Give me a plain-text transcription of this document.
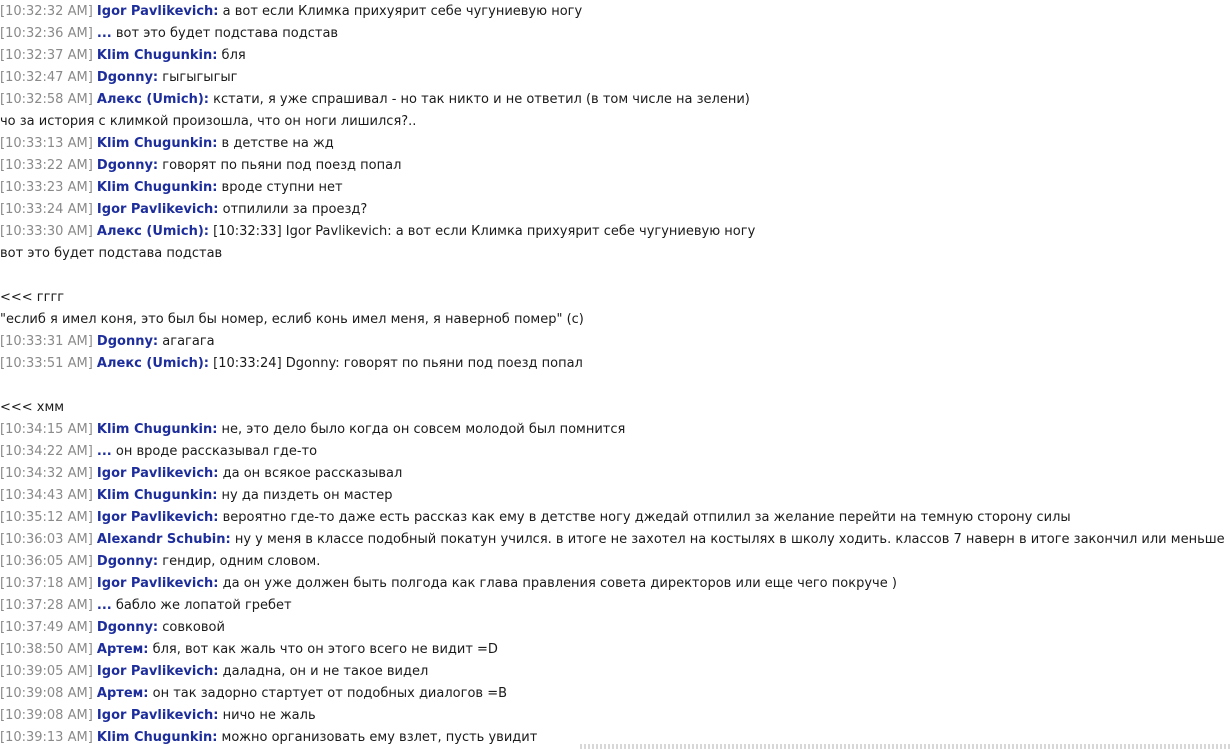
[10:32:32 AM] Igor Pavlikevich: а вот если Климка прихуярит себе чугуниевую ногу
[10:32:36 AM] ... вот это будет подстава подстав
[10:32:37 AM] Klim Chugunkin: бля
[10:32:47 AM] Dgonny: гыгыгыгыг
[10:32:58 AM] Алекс (Umich): кстати, я уже спрашивал - но так никто и не ответил (в том числе на зелени)
чо за история с климкой произошла, что он ноги лишился?..
[10:33:13 AM] Klim Chugunkin: в детстве на жд
[10:33:22 AM] Dgonny: говорят по пьяни под поезд попал
[10:33:23 AM] Klim Chugunkin: вроде ступни нет
[10:33:24 AM] Igor Pavlikevich: отпилили за проезд?
[10:33:30 AM] Алекс (Umich): [10:32:33] Igor Pavlikevich: а вот если Климка прихуярит себе чугуниевую ногу
вот это будет подстава подстав
<<< гггг
"еслиб я имел коня, это был бы номер, еслиб конь имел меня, я наверноб помер" (с)
[10:33:31 AM] Dgonny: агагага
[10:33:51 AM] Алекс (Umich): [10:33:24] Dgonny: говорят по пьяни под поезд попал
<<< хмм
[10:34:15 AM] Klim Chugunkin: не, это дело было когда он совсем молодой был помнится
[10:34:22 AM] ... он вроде рассказывал где-то
[10:34:32 AM] Igor Pavlikevich: да он всякое рассказывал
[10:34:43 AM] Klim Chugunkin: ну да пиздеть он мастер
[10:35:12 AM] Igor Pavlikevich: вероятно где-то даже есть рассказ как ему в детстве ногу джедай отпилил за желание перейти на темную сторону силы
[10:36:03 AM] Alexandr Schubin: ну у меня в классе подобный покатун учился. в итоге не захотел на костылях в школу ходить. классов 7 наверн в итоге закончил или меньше
[10:36:05 AM] Dgonny: гендир, одним словом.
[10:37:18 AM] Igor Pavlikevich: да он уже должен быть полгода как глава правления совета директоров или еще чего покруче )
[10:37:28 AM] ... бабло же лопатой гребет
[10:37:49 AM] Dgonny: совковой
[10:38:50 AM] Артем: бля, вот как жаль что он этого всего не видит =D
[10:39:05 AM] Igor Pavlikevich: даладна, он и не такое видел
[10:39:08 AM] Артем: он так задорно стартует от подобных диалогов =B
[10:39:08 AM] Igor Pavlikevich: ничо не жаль
[10:39:13 AM] Klim Chugunkin: можно организовать ему взлет, пусть увидит
